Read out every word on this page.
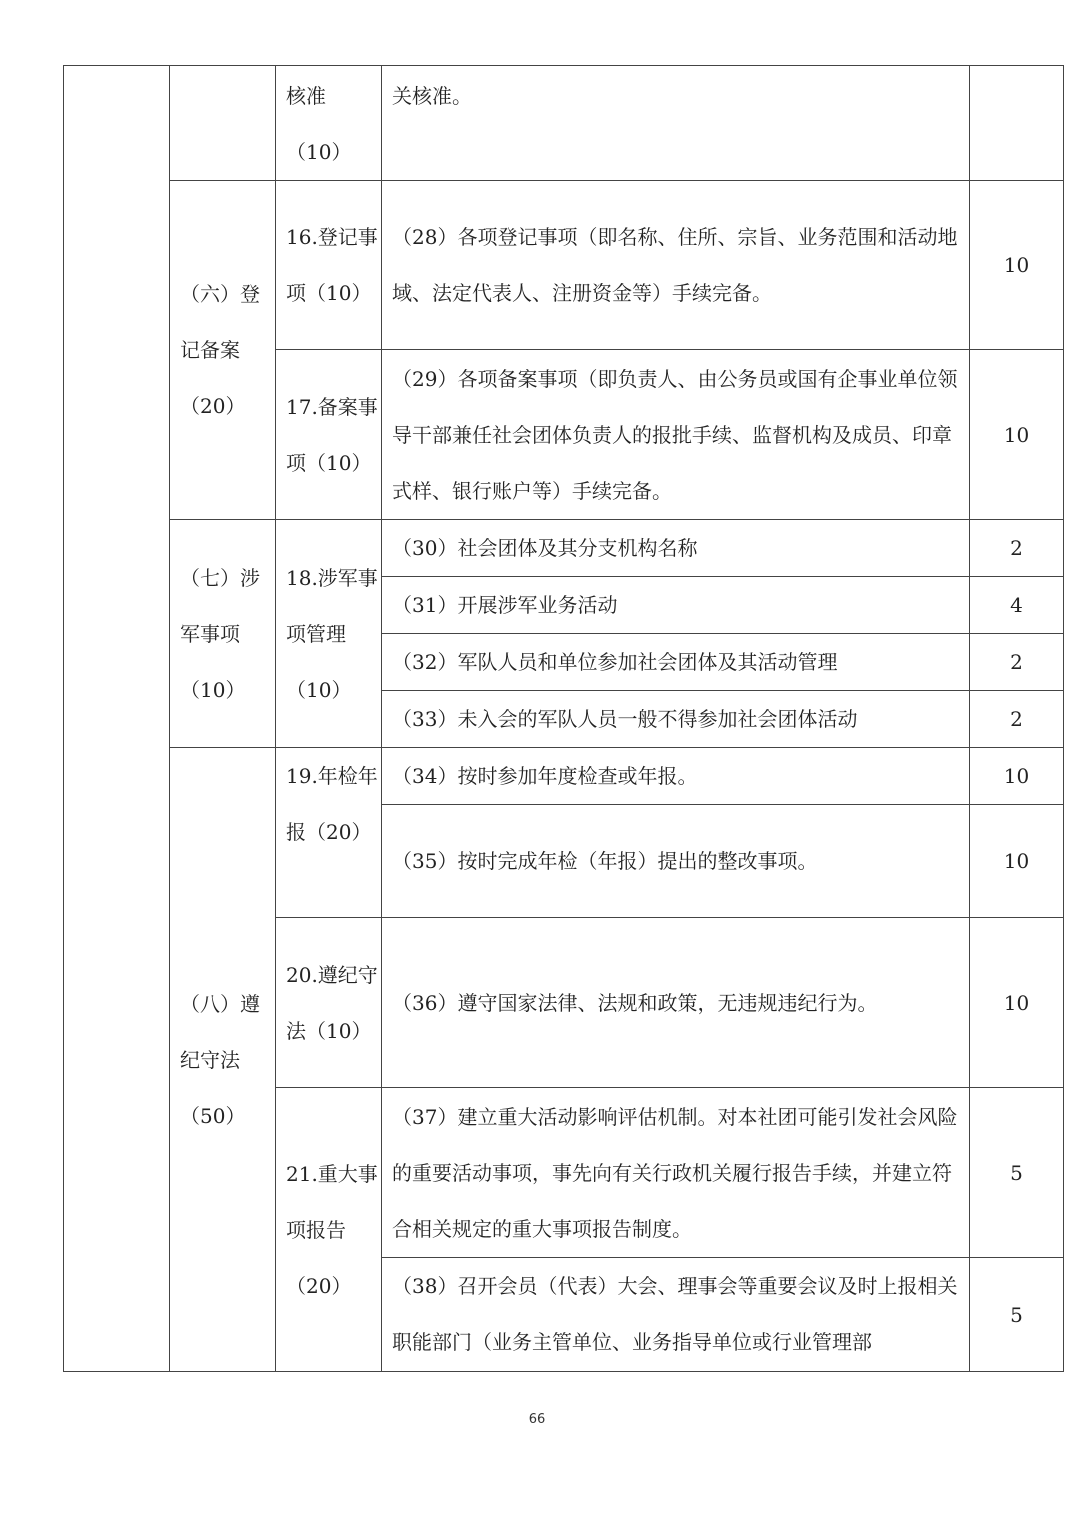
		核准（10）	关核准。	
	（六）登记备案（20）	16.登记事项（10）	（28）各项登记事项（即名称、住所、宗旨、业务范围和活动地域、法定代表人、注册资金等）手续完备。	10
		17.备案事项（10）	（29）各项备案事项（即负责人、由公务员或国有企事业单位领导干部兼任社会团体负责人的报批手续、监督机构及成员、印章式样、银行账户等）手续完备。	10
	（七）涉军事项（10）	18.涉军事项管理（10）	（30）社会团体及其分支机构名称	2
			（31）开展涉军业务活动	4
			（32）军队人员和单位参加社会团体及其活动管理	2
			（33）未入会的军队人员一般不得参加社会团体活动	2
	（八）遵纪守法（50）	19.年检年报（20）	（34）按时参加年度检查或年报。	10
			（35）按时完成年检（年报）提出的整改事项。	10
		20.遵纪守法（10）	（36）遵守国家法律、法规和政策，无违规违纪行为。	10
		21.重大事项报告（20）	（37）建立重大活动影响评估机制。对本社团可能引发社会风险的重要活动事项，事先向有关行政机关履行报告手续，并建立符合相关规定的重大事项报告制度。	5
			（38）召开会员（代表）大会、理事会等重要会议及时上报相关职能部门（业务主管单位、业务指导单位或行业管理部	5
66
